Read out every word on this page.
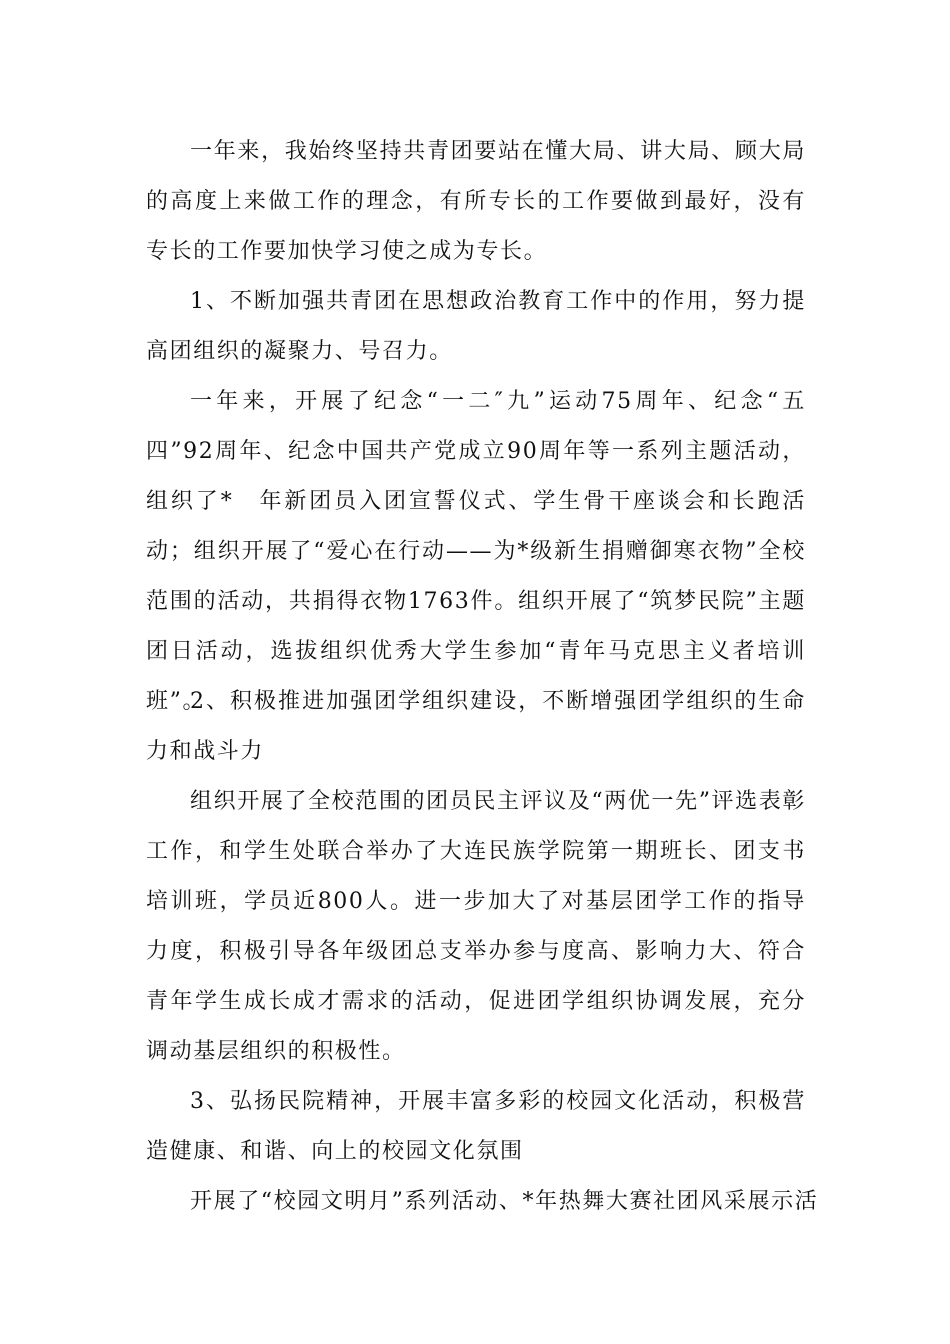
一年来，我始终坚持共青团要站在懂大局、讲大局、顾大局的高度上来做工作的理念，有所专长的工作要做到最好，没有专长的工作要加快学习使之成为专长。

1、不断加强共青团在思想政治教育工作中的作用，努力提高团组织的凝聚力、号召力。

一年来，开展了纪念“一二″九”运动75周年、纪念“五四”92周年、纪念中国共产党成立90周年等一系列主题活动，组织了*　年新团员入团宣誓仪式、学生骨干座谈会和长跑活动；组织开展了“爱心在行动——为*级新生捐赠御寒衣物”全校范围的活动，共捐得衣物1763件。组织开展了“筑梦民院”主题团日活动，选拔组织优秀大学生参加“青年马克思主义者培训班”。

2、积极推进加强团学组织建设，不断增强团学组织的生命力和战斗力

组织开展了全校范围的团员民主评议及“两优一先”评选表彰工作，和学生处联合举办了大连民族学院第一期班长、团支书培训班，学员近800人。进一步加大了对基层团学工作的指导力度，积极引导各年级团总支举办参与度高、影响力大、符合青年学生成长成才需求的活动，促进团学组织协调发展，充分调动基层组织的积极性。

3、弘扬民院精神，开展丰富多彩的校园文化活动，积极营造健康、和谐、向上的校园文化氛围

开展了“校园文明月”系列活动、*年热舞大赛社团风采展示活
